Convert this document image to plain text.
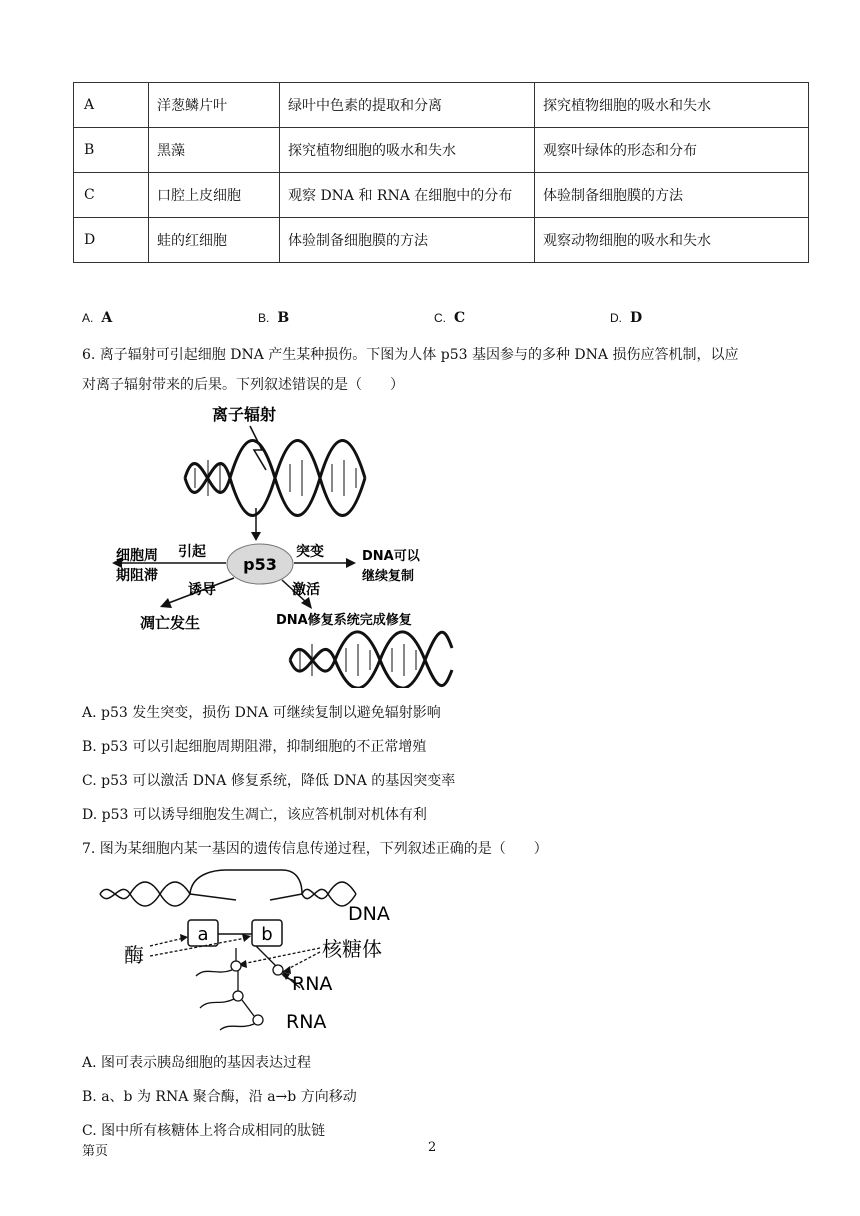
A	洋葱鳞片叶	绿叶中色素的提取和分离	探究植物细胞的吸水和失水
B	黑藻	探究植物细胞的吸水和失水	观察叶绿体的形态和分布
C	口腔上皮细胞	观察 DNA 和 RNA 在细胞中的分布	体验制备细胞膜的方法
D	蛙的红细胞	体验制备细胞膜的方法	观察动物细胞的吸水和失水
A. A	B. B	C. C	D. D
6. 离子辐射可引起细胞 DNA 产生某种损伤。下图为人体 p53 基因参与的多种 DNA 损伤应答机制，以应
对离子辐射带来的后果。下列叙述错误的是（　　）
离子辐射
p53
引起
细胞周
期阻滞
突变	DNA可以
继续复制
诱导
凋亡发生
激活
DNA修复系统完成修复
A. p53 发生突变，损伤 DNA 可继续复制以避免辐射影响
B. p53 可以引起细胞周期阻滞，抑制细胞的不正常增殖
C. p53 可以激活 DNA 修复系统，降低 DNA 的基因突变率
D. p53 可以诱导细胞发生凋亡，该应答机制对机体有利
7. 图为某细胞内某一基因的遗传信息传递过程，下列叙述正确的是（　　）
DNA
a	b
酶	核糖体
RNA
RNA
A. 图可表示胰岛细胞的基因表达过程
B. a、b 为 RNA 聚合酶，沿 a→b 方向移动
C. 图中所有核糖体上将合成相同的肽链
第页	2
